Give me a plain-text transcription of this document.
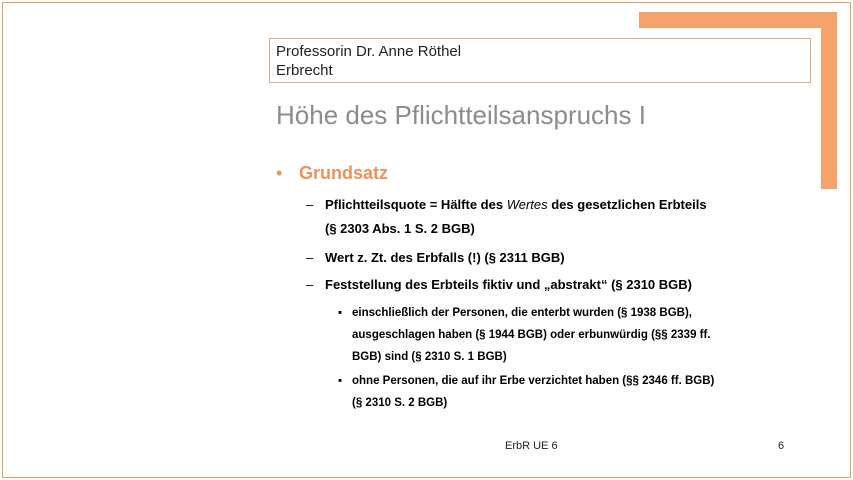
Professorin Dr. Anne Röthel
Erbrecht
Höhe des Pflichtteilsanspruchs I
• Grundsatz
– Pflichtteilsquote = Hälfte des Wertes des gesetzlichen Erbteils
(§ 2303 Abs. 1 S. 2 BGB)
– Wert z. Zt. des Erbfalls (!) (§ 2311 BGB)
– Feststellung des Erbteils fiktiv und „abstrakt“ (§ 2310 BGB)
▪ einschließlich der Personen, die enterbt wurden (§ 1938 BGB),
ausgeschlagen haben (§ 1944 BGB) oder erbunwürdig (§§ 2339 ff.
BGB) sind (§ 2310 S. 1 BGB)
▪ ohne Personen, die auf ihr Erbe verzichtet haben (§§ 2346 ff. BGB)
(§ 2310 S. 2 BGB)
ErbR UE 6	6
